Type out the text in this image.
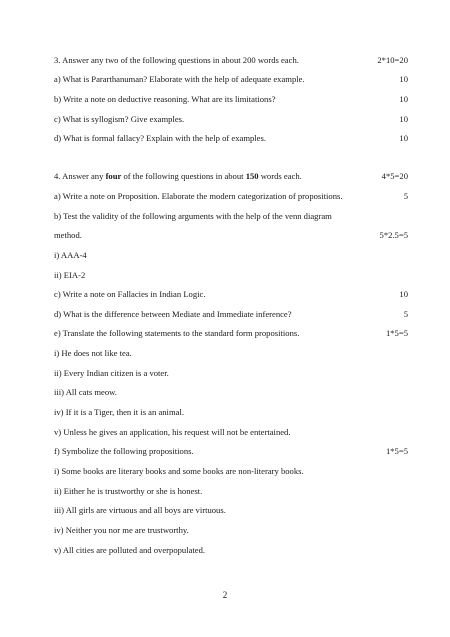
3. Answer any two of the following questions in about 200 words each.	2*10=20
a) What is Pararthanuman? Elaborate with the help of adequate example.	10
b) Write a note on deductive reasoning. What are its limitations?	10
c) What is syllogism? Give examples.	10
d) What is formal fallacy? Explain with the help of examples.	10
4. Answer any four of the following questions in about 150 words each.	4*5=20
a) Write a note on Proposition. Elaborate the modern categorization of propositions.	5
b) Test the validity of the following arguments with the help of the venn diagram
method.	5*2.5=5
i) AAA-4
ii) EIA-2
c) Write a note on Fallacies in Indian Logic.	10
d) What is the difference between Mediate and Immediate inference?	5
e) Translate the following statements to the standard form propositions.	1*5=5
i) He does not like tea.
ii) Every Indian citizen is a voter.
iii) All cats meow.
iv) If it is a Tiger, then it is an animal.
v) Unless he gives an application, his request will not be entertained.
f) Symbolize the following propositions.	1*5=5
i) Some books are literary books and some books are non-literary books.
ii) Either he is trustworthy or she is honest.
iii) All girls are virtuous and all boys are virtuous.
iv) Neither you nor me are trustworthy.
v) All cities are polluted and overpopulated.
2
